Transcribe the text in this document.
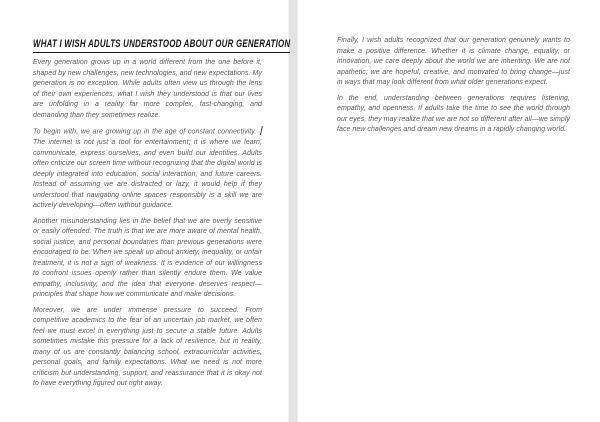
WHAT I WISH ADULTS UNDERSTOOD ABOUT OUR GENERATION

Every generation grows up in a world different from the one before it, shaped by new challenges, new technologies, and new expectations. My generation is no exception. While adults often view us through the lens of their own experiences, what I wish they understood is that our lives are unfolding in a reality far more complex, fast-changing, and demanding than they sometimes realize.

To begin with, we are growing up in the age of constant connectivity.  The internet is not just a tool for entertainment; it is where we learn, communicate, express ourselves, and even build our identities. Adults often criticize our screen time without recognizing that the digital world is deeply integrated into education, social interaction, and future careers. Instead of assuming we are distracted or lazy, it would help if they understood that navigating online spaces responsibly is a skill we are actively developing—often without guidance.

Another misunderstanding lies in the belief that we are overly sensitive or easily offended. The truth is that we are more aware of mental health, social justice, and personal boundaries than previous generations were encouraged to be. When we speak up about anxiety, inequality, or unfair treatment, it is not a sign of weakness. It is evidence of our willingness to confront issues openly rather than silently endure them. We value empathy, inclusivity, and the idea that everyone deserves respect—principles that shape how we communicate and make decisions.

Moreover, we are under immense pressure to succeed. From competitive academics to the fear of an uncertain job market, we often feel we must excel in everything just to secure a stable future. Adults sometimes mistake this pressure for a lack of resilience, but in reality, many of us are constantly balancing school, extracurricular activities, personal goals, and family expectations. What we need is not more criticism but understanding, support, and reassurance that it is okay not to have everything figured out right away.

Finally, I wish adults recognized that our generation genuinely wants to make a positive difference. Whether it is climate change, equality, or innovation, we care deeply about the world we are inheriting. We are not apathetic; we are hopeful, creative, and motivated to bring change—just in ways that may look different from what older generations expect.

In the end, understanding between generations requires listening, empathy, and openness. If adults take the time to see the world through our eyes, they may realize that we are not so different after all—we simply face new challenges and dream new dreams in a rapidly changing world.
